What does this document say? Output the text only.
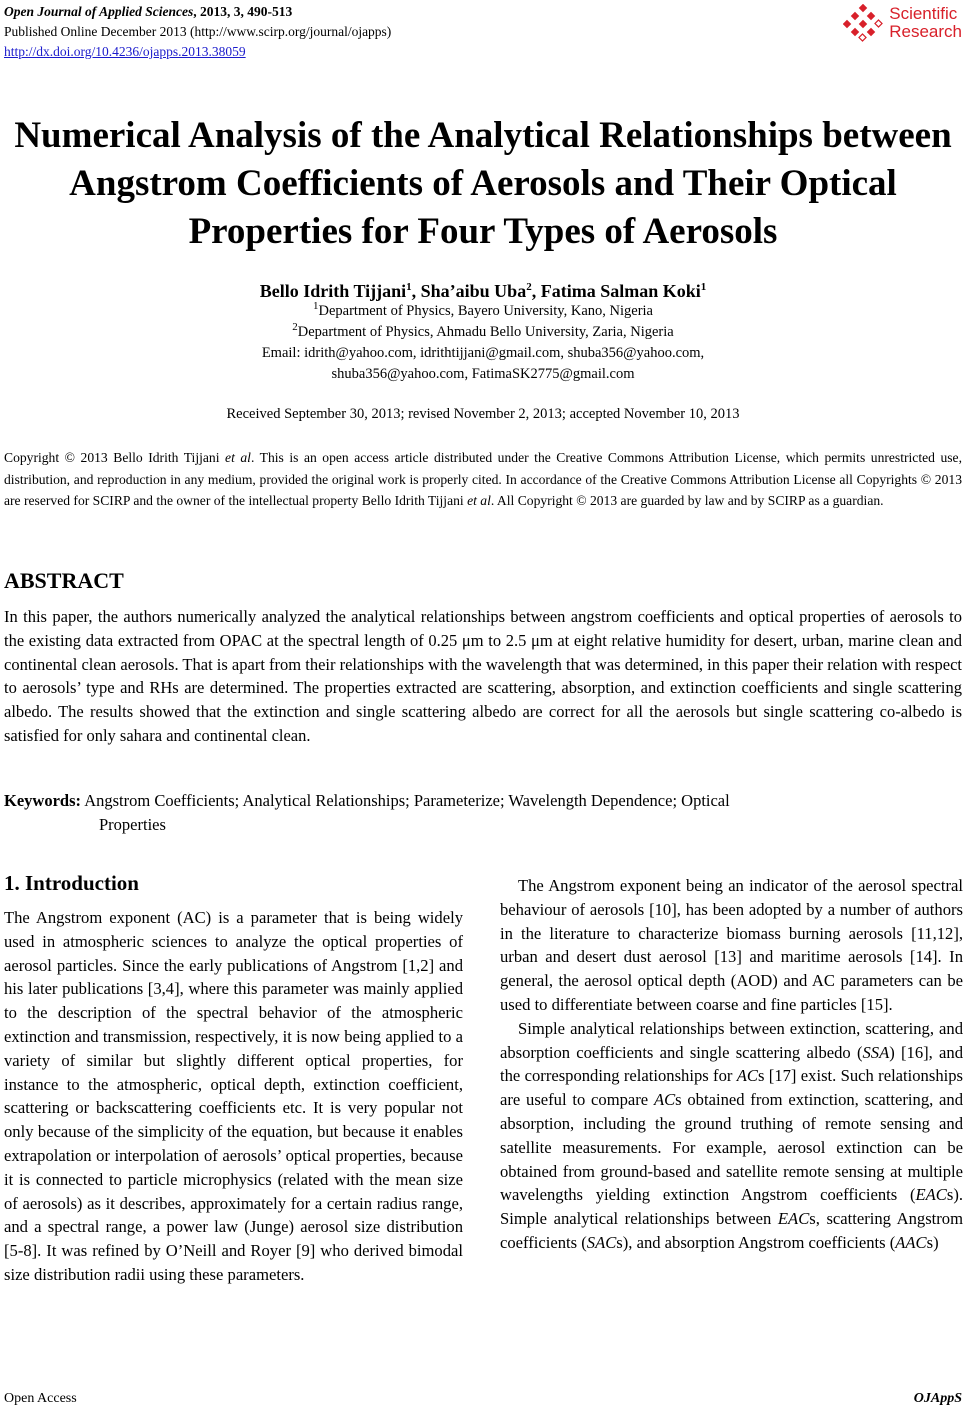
Open Journal of Applied Sciences, 2013, 3, 490-513
Published Online December 2013 (http://www.scirp.org/journal/ojapps)
http://dx.doi.org/10.4236/ojapps.2013.38059
Scientific
Research
Numerical Analysis of the Analytical Relationships between
Angstrom Coefficients of Aerosols and Their Optical
Properties for Four Types of Aerosols
Bello Idrith Tijjani$^1$, Sha’aibu Uba$^2$, Fatima Salman Koki$^1$
$^1$Department of Physics, Bayero University, Kano, Nigeria
$^2$Department of Physics, Ahmadu Bello University, Zaria, Nigeria
Email: idrith@yahoo.com, idrithtijjani@gmail.com, shuba356@yahoo.com,
shuba356@yahoo.com, FatimaSK2775@gmail.com
Received September 30, 2013; revised November 2, 2013; accepted November 10, 2013
Copyright © 2013 Bello Idrith Tijjani et al. This is an open access article distributed under the Creative Commons Attribution License, which permits unrestricted use, distribution, and reproduction in any medium, provided the original work is properly cited. In accordance of the Creative Commons Attribution License all Copyrights © 2013 are reserved for SCIRP and the owner of the intellectual property Bello Idrith Tijjani et al. All Copyright © 2013 are guarded by law and by SCIRP as a guardian.
ABSTRACT
In this paper, the authors numerically analyzed the analytical relationships between angstrom coefficients and optical properties of aerosols to the existing data extracted from OPAC at the spectral length of 0.25 μm to 2.5 μm at eight relative humidity for desert, urban, marine clean and continental clean aerosols. That is apart from their relationships with the wavelength that was determined, in this paper their relation with respect to aerosols’ type and RHs are determined. The properties extracted are scattering, absorption, and extinction coefficients and single scattering albedo. The results showed that the extinction and single scattering albedo are correct for all the aerosols but single scattering co-albedo is satisfied for only sahara and continental clean.
Keywords: Angstrom Coefficients; Analytical Relationships; Parameterize; Wavelength Dependence; Optical
Properties
1. Introduction

The Angstrom exponent (AC) is a parameter that is being widely used in atmospheric sciences to analyze the optical properties of aerosol particles. Since the early publications of Angstrom [1,2] and his later publications [3,4], where this parameter was mainly applied to the description of the spectral behavior of the atmospheric extinction and transmission, respectively, it is now being applied to a variety of similar but slightly different optical properties, for instance to the atmospheric, optical depth, extinction coefficient, scattering or backscattering coefficients etc. It is very popular not only because of the simplicity of the equation, but because it enables extrapolation or interpolation of aerosols’ optical properties, because it is connected to particle microphysics (related with the mean size of aerosols) as it describes, approximately for a certain radius range, and a spectral range, a power law (Junge) aerosol size distribution [5-8]. It was refined by O’Neill and Royer [9] who derived bimodal size distribution radii using these parameters.

The Angstrom exponent being an indicator of the aerosol spectral behaviour of aerosols [10], has been adopted by a number of authors in the literature to characterize biomass burning aerosols [11,12], urban and desert dust aerosol [13] and maritime aerosols [14]. In general, the aerosol optical depth (AOD) and AC parameters can be used to differentiate between coarse and fine particles [15].

Simple analytical relationships between extinction, scattering, and absorption coefficients and single scattering albedo (SSA) [16], and the corresponding relationships for ACs [17] exist. Such relationships are useful to compare ACs obtained from extinction, scattering, and absorption, including the ground truthing of remote sensing and satellite measurements. For example, aerosol extinction can be obtained from ground-based and satellite remote sensing at multiple wavelengths yielding extinction Angstrom coefficients (EACs). Simple analytical relationships between EACs, scattering Angstrom coefficients (SACs), and absorption Angstrom coefficients (AACs)

Open Access	OJAppS
